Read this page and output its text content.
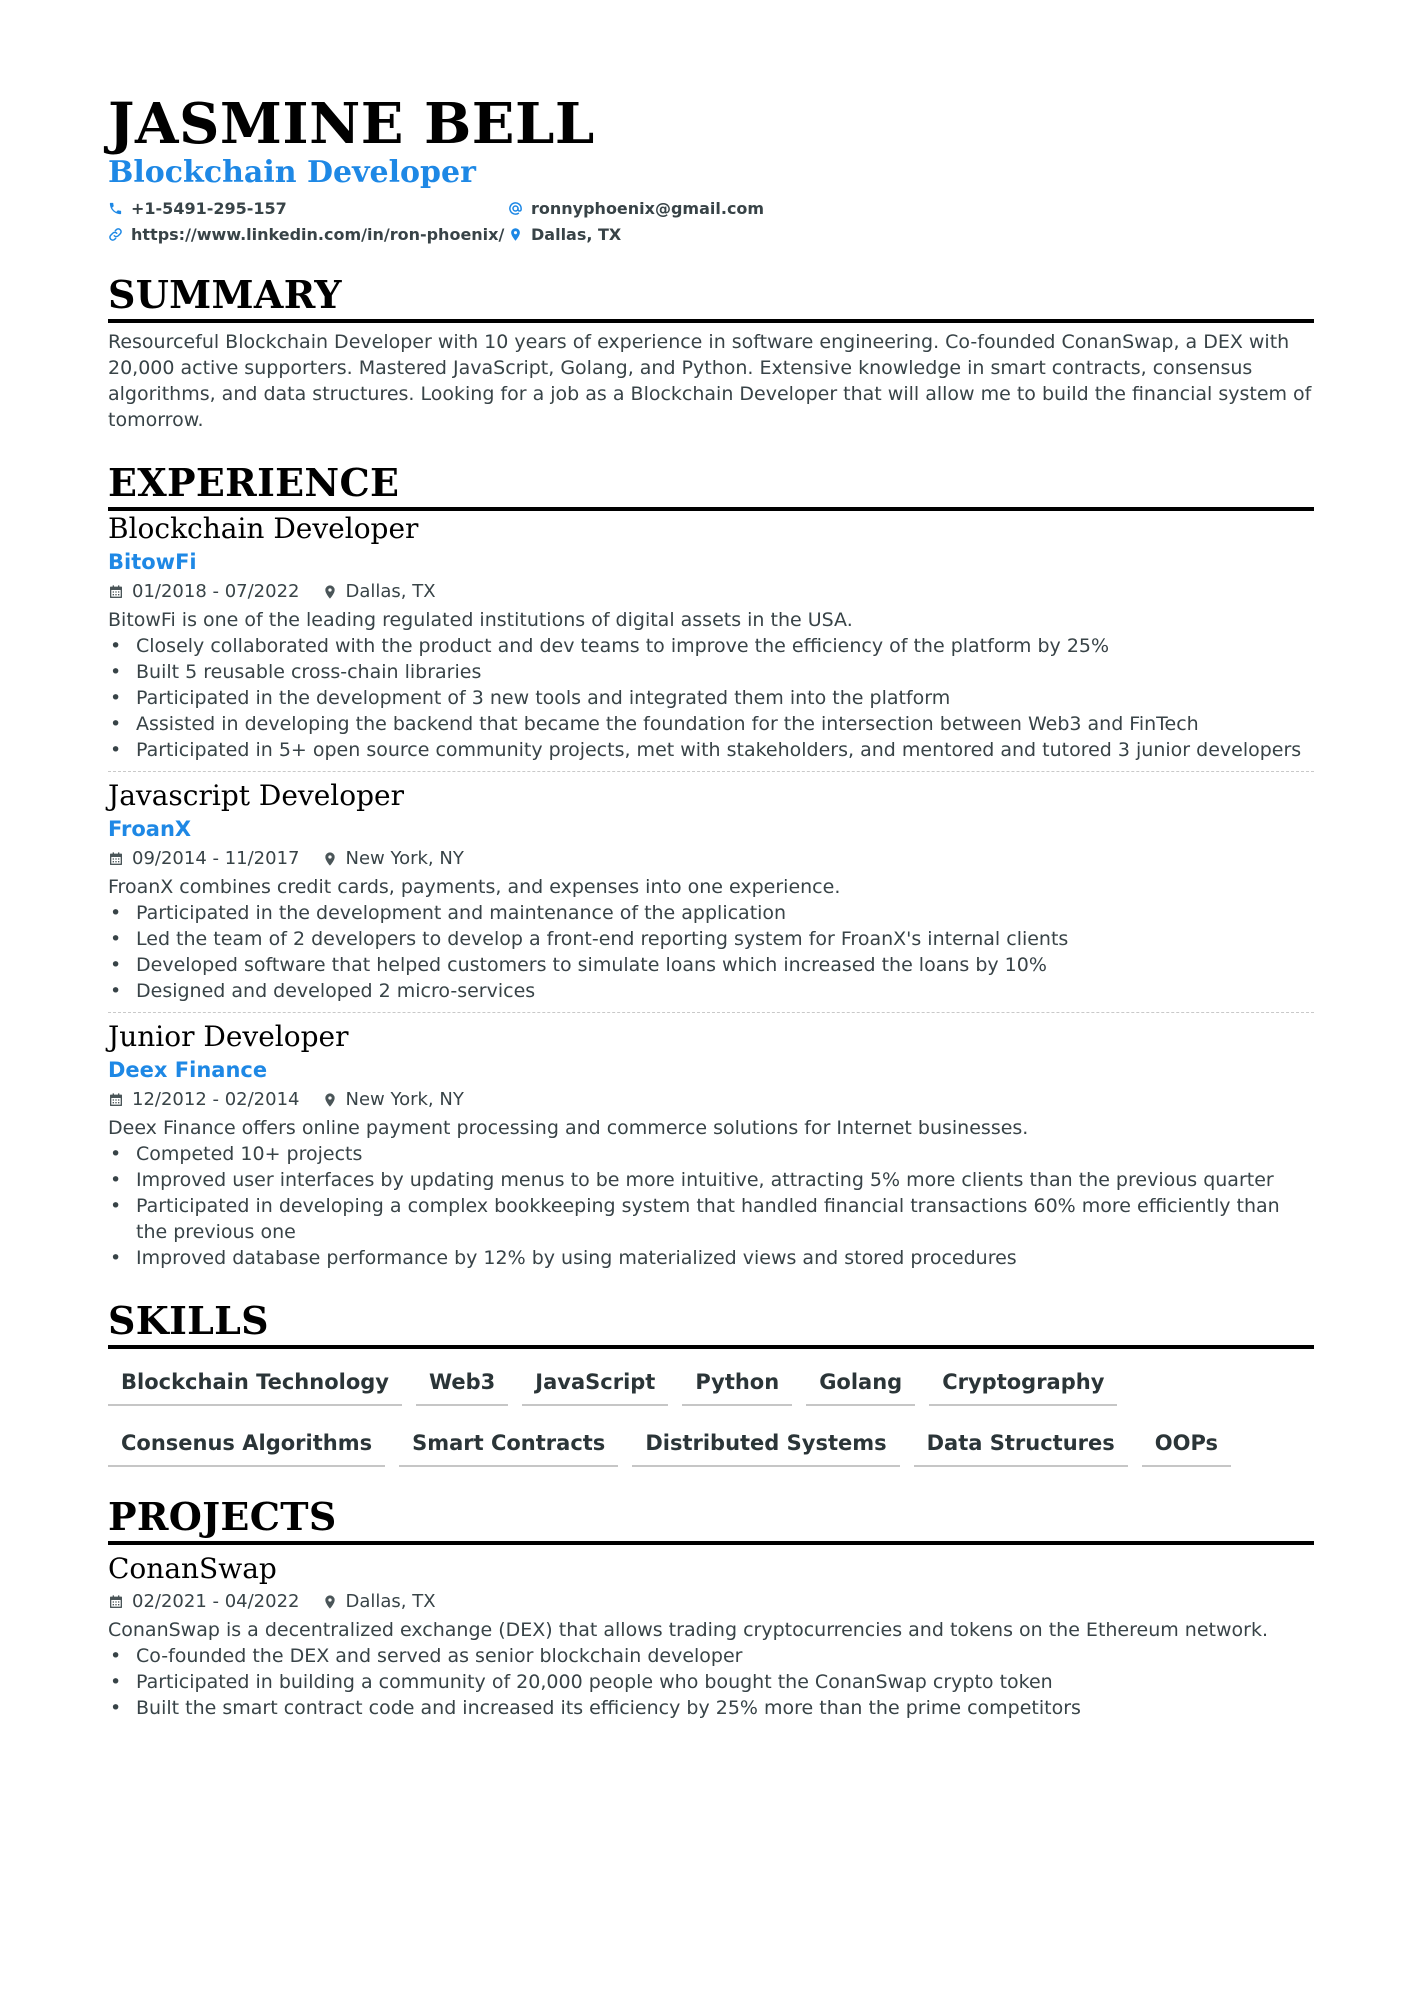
JASMINE BELL
Blockchain Developer
+1-5491-295-157	ronnyphoenix@gmail.com
https://www.linkedin.com/in/ron-phoenix/ Dallas, TX
SUMMARY
Resourceful Blockchain Developer with 10 years of experience in software engineering. Co-founded ConanSwap, a DEX with 20,000 active supporters. Mastered JavaScript, Golang, and Python. Extensive knowledge in smart contracts, consensus algorithms, and data structures. Looking for a job as a Blockchain Developer that will allow me to build the financial system of tomorrow.
EXPERIENCE
Blockchain Developer
BitowFi
01/2018 - 07/2022	Dallas, TX
BitowFi is one of the leading regulated institutions of digital assets in the USA.
• Closely collaborated with the product and dev teams to improve the efficiency of the platform by 25%
• Built 5 reusable cross-chain libraries
• Participated in the development of 3 new tools and integrated them into the platform
• Assisted in developing the backend that became the foundation for the intersection between Web3 and FinTech
• Participated in 5+ open source community projects, met with stakeholders, and mentored and tutored 3 junior developers
Javascript Developer
FroanX
09/2014 - 11/2017	New York, NY
FroanX combines credit cards, payments, and expenses into one experience.
• Participated in the development and maintenance of the application
• Led the team of 2 developers to develop a front-end reporting system for FroanX's internal clients
• Developed software that helped customers to simulate loans which increased the loans by 10%
• Designed and developed 2 micro-services
Junior Developer
Deex Finance
12/2012 - 02/2014	New York, NY
Deex Finance offers online payment processing and commerce solutions for Internet businesses.
• Competed 10+ projects
• Improved user interfaces by updating menus to be more intuitive, attracting 5% more clients than the previous quarter
• Participated in developing a complex bookkeeping system that handled financial transactions 60% more efficiently than the previous one
• Improved database performance by 12% by using materialized views and stored procedures
SKILLS
Blockchain Technology	Web3	JavaScript	Python	Golang	Cryptography
Consenus Algorithms	Smart Contracts	Distributed Systems	Data Structures	OOPs
PROJECTS
ConanSwap
02/2021 - 04/2022	Dallas, TX
ConanSwap is a decentralized exchange (DEX) that allows trading cryptocurrencies and tokens on the Ethereum network.
• Co-founded the DEX and served as senior blockchain developer
• Participated in building a community of 20,000 people who bought the ConanSwap crypto token
• Built the smart contract code and increased its efficiency by 25% more than the prime competitors
